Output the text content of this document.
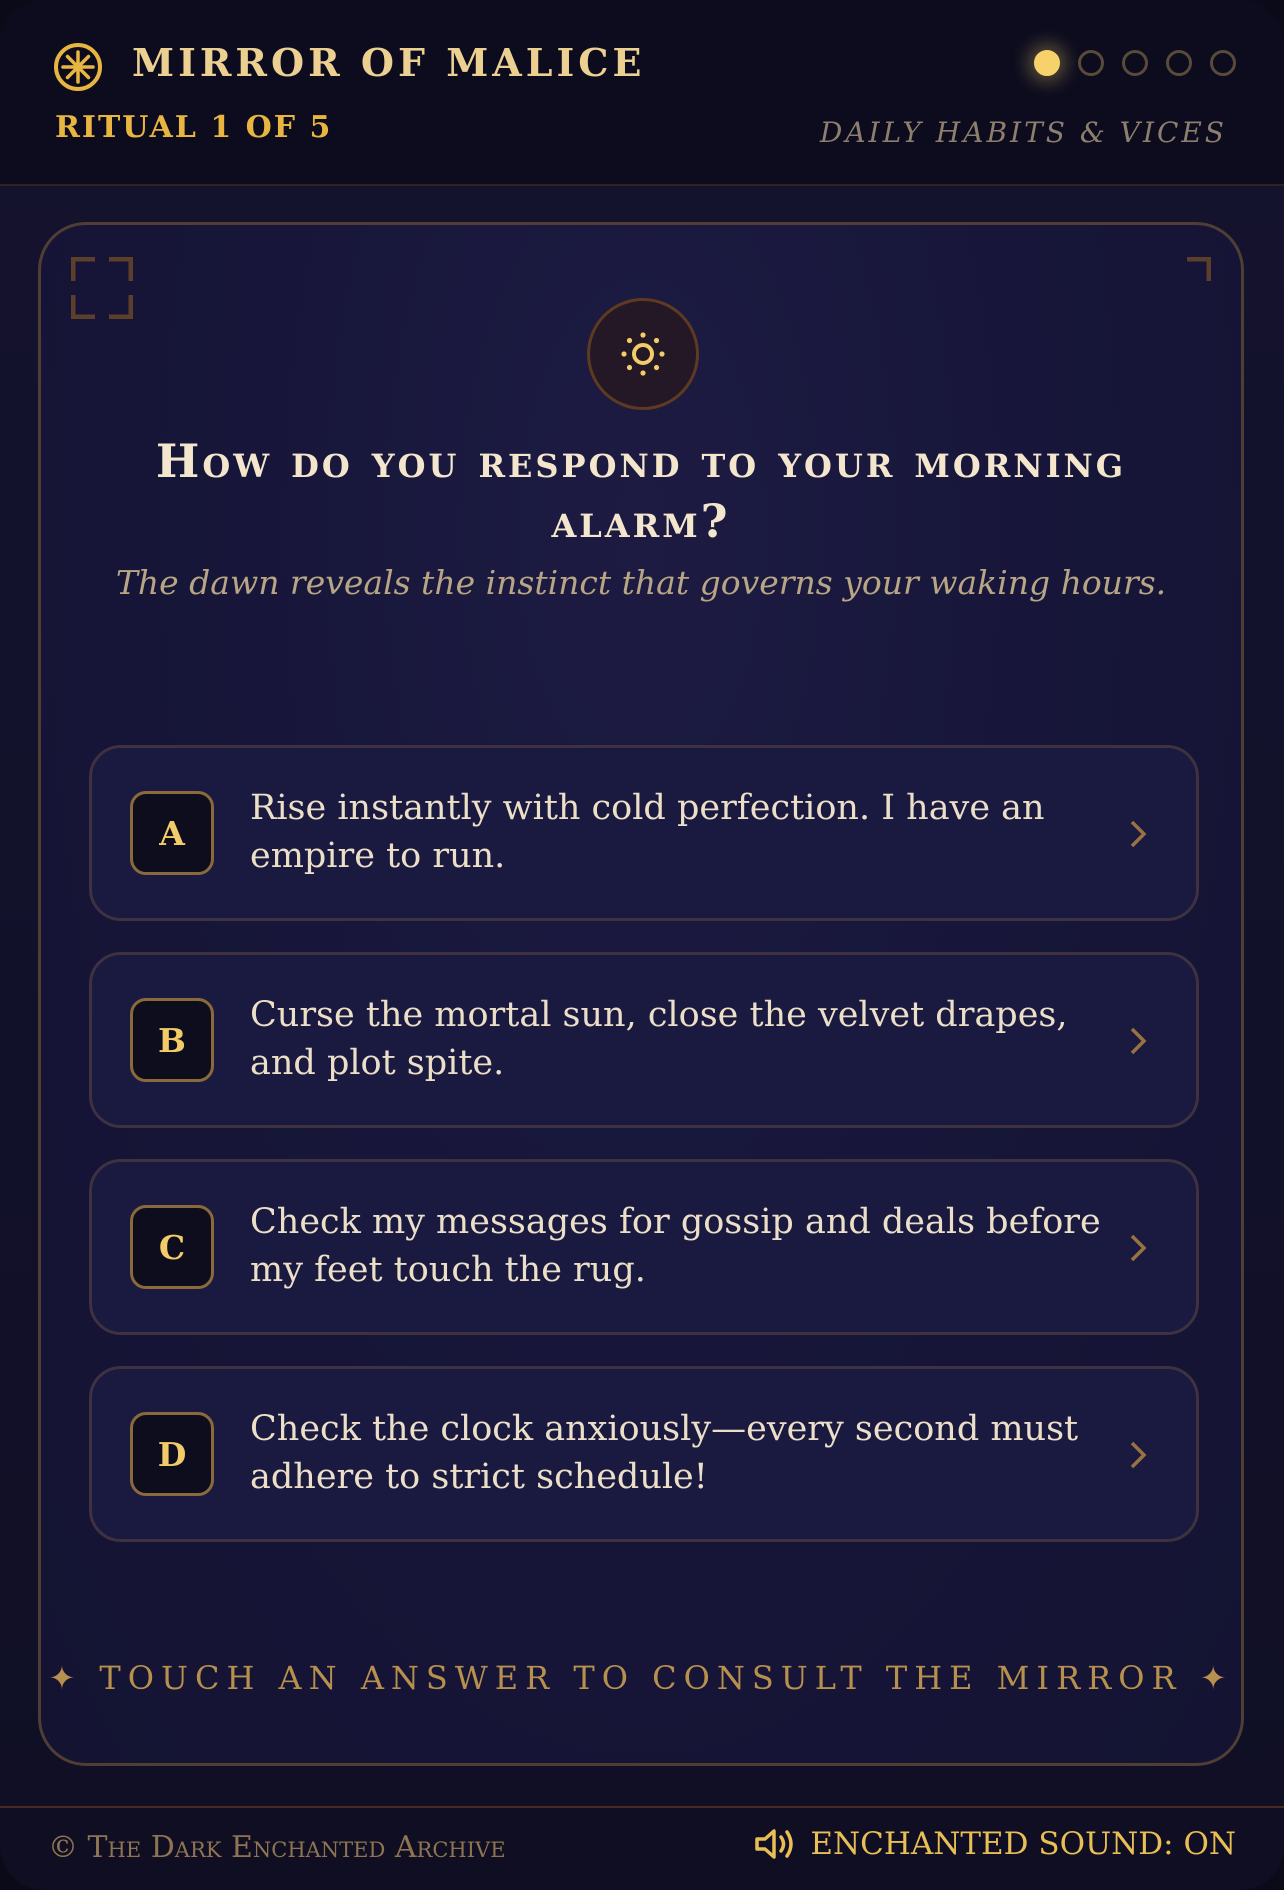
MIRROR OF MALICE
RITUAL 1 OF 5	DAILY HABITS & VICES
How do you respond to your morning alarm?
The dawn reveals the instinct that governs your waking hours.
A
Rise instantly with cold perfection. I have an empire to run.
B
Curse the mortal sun, close the velvet drapes, and plot spite.
C
Check my messages for gossip and deals before my feet touch the rug.
D
Check the clock anxiously—every second must adhere to strict schedule!
✦ TOUCH AN ANSWER TO CONSULT THE MIRROR ✦
© The Dark Enchanted Archive	ENCHANTED SOUND: ON
